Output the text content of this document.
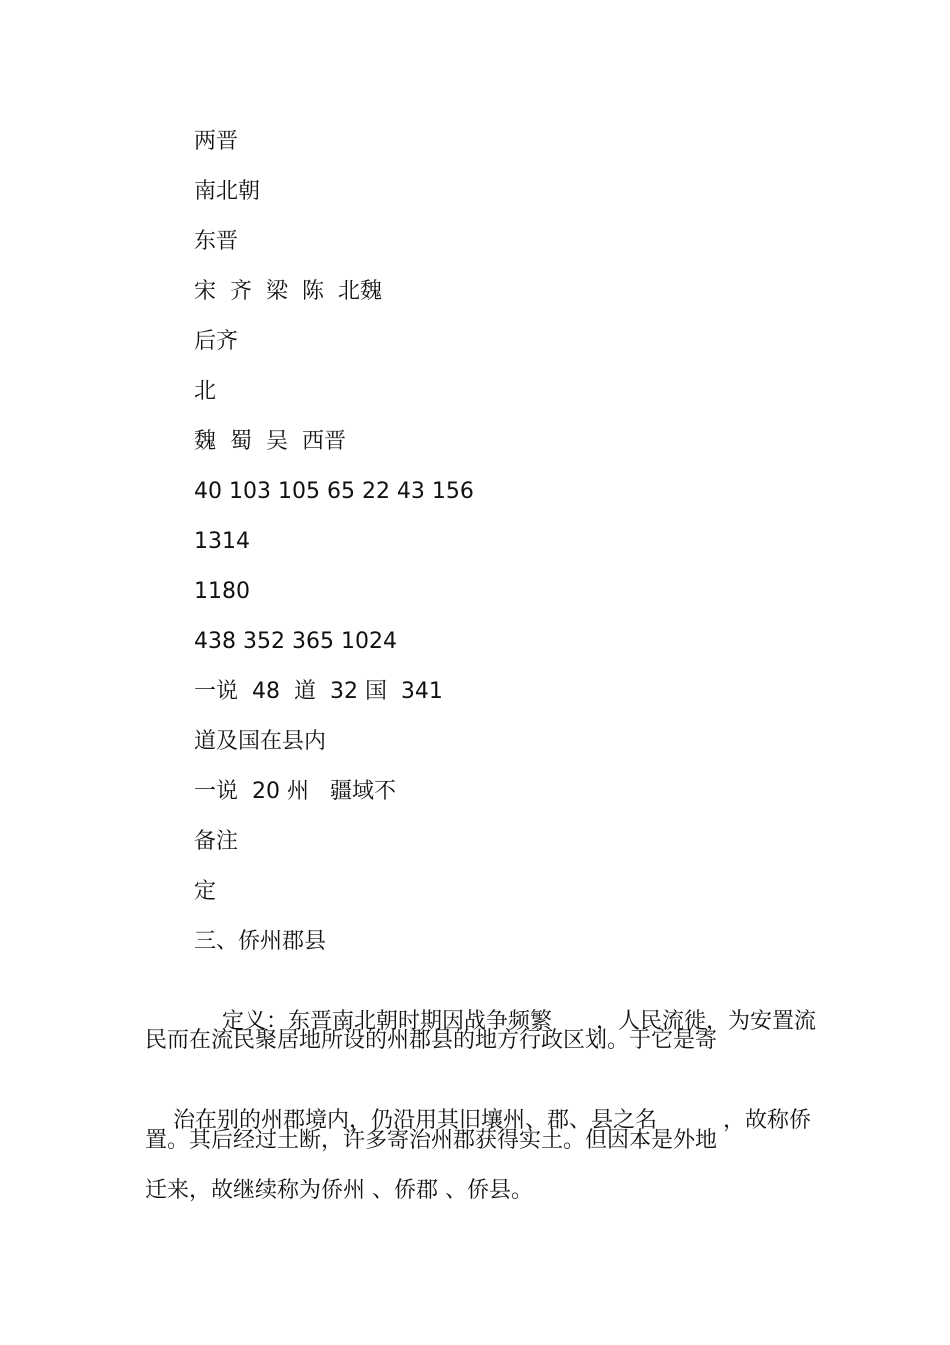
两晋
南北朝
东晋
宋  齐  梁  陈  北魏
后齐
北
魏  蜀  吴  西晋
40 103 105 65 22 43 156
1314
1180
438 352 365 1024
一说  48  道  32 国  341
道及国在县内
一说  20 州   疆域不
备注
定
三、侨州郡县

定义：东晋南北朝时期因战争频繁 ，人民流徙，为安置流

民而在流民聚居地所设的州郡县的地方行政区划。于它是寄

治在别的州郡境内，仍沿用其旧壤州、郡、县之名	，故称侨

置。其后经过土断，许多寄治州郡获得实土。但因本是外地
迁来，故继续称为侨州 、侨郡 、侨县。
